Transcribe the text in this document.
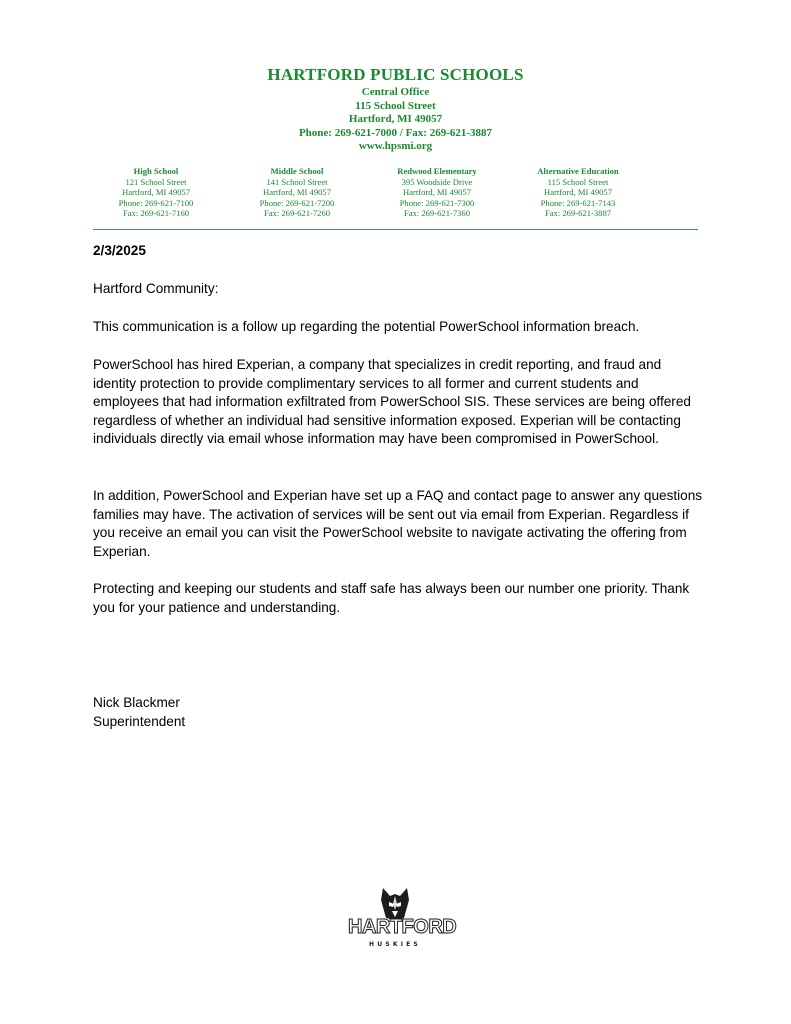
HARTFORD PUBLIC SCHOOLS
Central Office
115 School Street
Hartford, MI 49057
Phone: 269-621-7000 / Fax: 269-621-3887
www.hpsmi.org
High School
121 School Street
Hartford, MI 49057
Phone: 269-621-7100
Fax: 269-621-7160
Middle School
141 School Street
Hartford, MI 49057
Phone: 269-621-7200
Fax: 269-621-7260
Redwood Elementary
395 Woodside Drive
Hartford, MI 49057
Phone: 269-621-7300
Fax: 269-621-7360
Alternative Education
115 School Street
Hartford, MI 49057
Phone: 269-621-7143
Fax: 269-621-3887
2/3/2025
Hartford Community:
This communication is a follow up regarding the potential PowerSchool information breach.
PowerSchool has hired Experian, a company that specializes in credit reporting, and fraud and identity protection to provide complimentary services to all former and current students and employees that had information exfiltrated from PowerSchool SIS. These services are being offered regardless of whether an individual had sensitive information exposed. Experian will be contacting individuals directly via email whose information may have been compromised in PowerSchool.
In addition, PowerSchool and Experian have set up a FAQ and contact page to answer any questions families may have. The activation of services will be sent out via email from Experian. Regardless if you receive an email you can visit the PowerSchool website to navigate activating the offering from Experian.
Protecting and keeping our students and staff safe has always been our number one priority. Thank you for your patience and understanding.
Nick Blackmer
Superintendent
HARTFORD
HUSKIES
